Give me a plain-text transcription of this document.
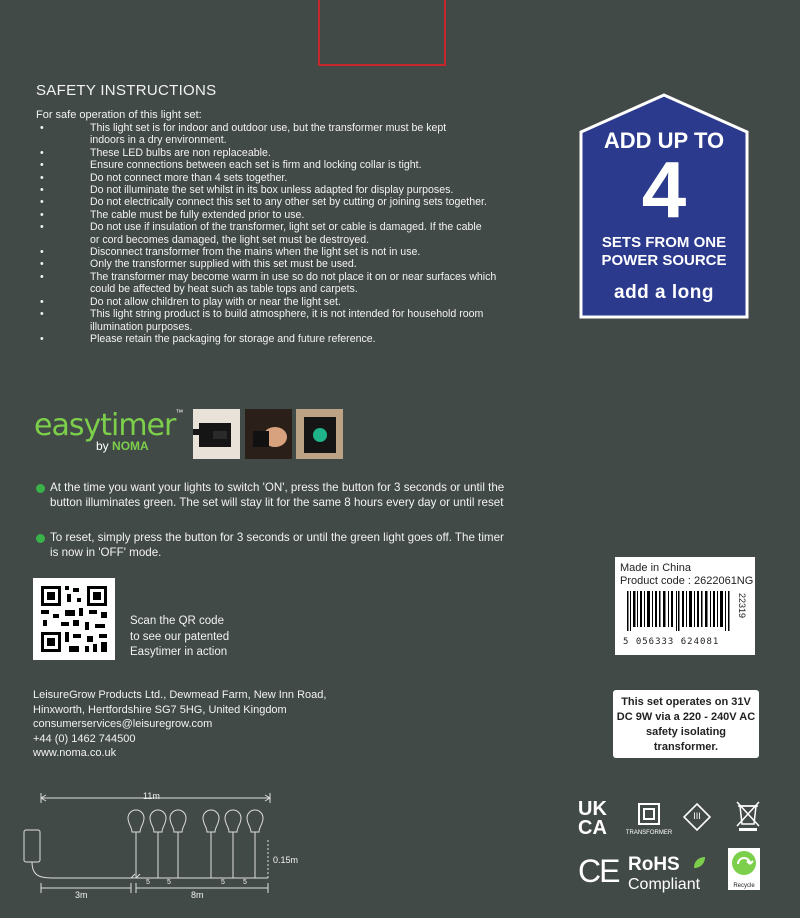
SAFETY INSTRUCTIONS
For safe operation of this light set:
• This light set is for indoor and outdoor use, but the transformer must be kept indoors in a dry environment.
• These LED bulbs are non replaceable.
• Ensure connections between each set is firm and locking collar is tight.
• Do not connect more than 4 sets together.
• Do not illuminate the set whilst in its box unless adapted for display purposes.
• Do not electrically connect this set to any other set by cutting or joining sets together.
• The cable must be fully extended prior to use.
• Do not use if insulation of the transformer, light set or cable is damaged. If the cable or cord becomes damaged, the light set must be destroyed.
• Disconnect transformer from the mains when the light set is not in use.
• Only the transformer supplied with this set must be used.
• The transformer may become warm in use so do not place it on or near surfaces which could be affected by heat such as table tops and carpets.
• Do not allow children to play with or near the light set.
• This light string product is to build atmosphere, it is not intended for household room illumination purposes.
• Please retain the packaging for storage and future reference.
ADD UP TO
4
SETS FROM ONE
POWER SOURCE
add a long
easytimer™
by NOMA
At the time you want your lights to switch 'ON', press the button for 3 seconds or until the button illuminates green. The set will stay lit for the same 8 hours every day or until reset
To reset, simply press the button for 3 seconds or until the green light goes off. The timer is now in 'OFF' mode.
Scan the QR code
to see our patented
Easytimer in action
Made in China
Product code : 2622061NG
5 056333 624081
22319
This set operates on 31V DC 9W via a 220 - 240V AC safety isolating transformer.
LeisureGrow Products Ltd., Dewmead Farm, New Inn Road,
Hinxworth, Hertfordshire SG7 5HG, United Kingdom
consumerservices@leisuregrow.com
+44 (0) 1462 744500
www.noma.co.uk
11m
0.15m
3m	8m
5 5	5	5
UK
CA	TRANSFORMER
III
CE RoHS
Compliant	Recycle
